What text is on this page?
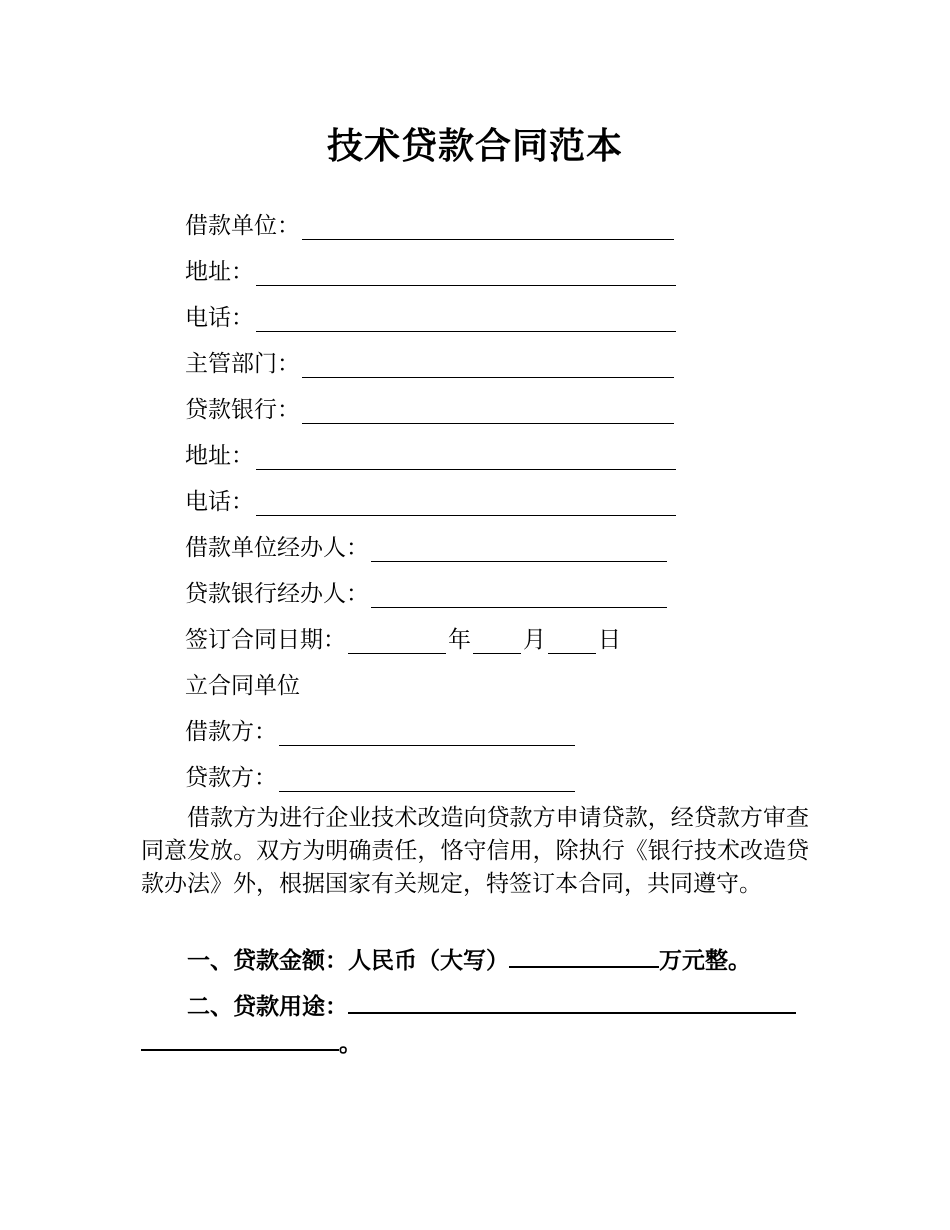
技术贷款合同范本
借款单位：
地址：
电话：
主管部门：
贷款银行：
地址：
电话：
借款单位经办人：
贷款银行经办人：
签订合同日期：	年 月 日
立合同单位
借款方：
贷款方：
借款方为进行企业技术改造向贷款方申请贷款，经贷款方审查同意发放。双方为明确责任，恪守信用，除执行《银行技术改造贷款办法》外，根据国家有关规定，特签订本合同，共同遵守。
一、贷款金额：人民币（大写）	万元整。
二、贷款用途：
。
